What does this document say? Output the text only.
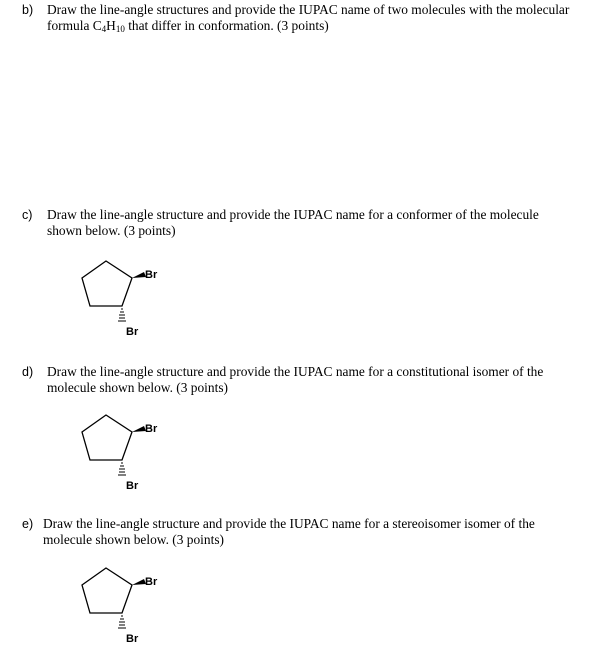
b) Draw the line-angle structures and provide the IUPAC name of two molecules with the molecular formula C4H10 that differ in conformation. (3 points)
c) Draw the line-angle structure and provide the IUPAC name for a conformer of the molecule shown below. (3 points)
Br
Br
d) Draw the line-angle structure and provide the IUPAC name for a constitutional isomer of the molecule shown below. (3 points)
Br
Br
e) Draw the line-angle structure and provide the IUPAC name for a stereoisomer isomer of the molecule shown below. (3 points)
Br
Br
